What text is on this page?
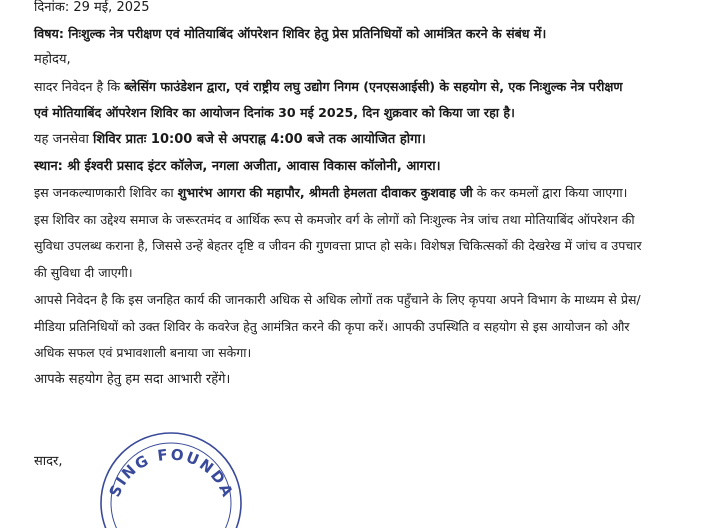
दिनांक: 29 मई, 2025
विषय: निःशुल्क नेत्र परीक्षण एवं मोतियाबिंद ऑपरेशन शिविर हेतु प्रेस प्रतिनिधियों को आमंत्रित करने के संबंध में।
महोदय,
सादर निवेदन है कि ब्लेसिंग फाउंडेशन द्वारा, एवं राष्ट्रीय लघु उद्योग निगम (एनएसआईसी) के सहयोग से, एक निःशुल्क नेत्र परीक्षण
एवं मोतियाबिंद ऑपरेशन शिविर का आयोजन दिनांक 30 मई 2025, दिन शुक्रवार को किया जा रहा है।
यह जनसेवा शिविर प्रातः 10:00 बजे से अपराह्न 4:00 बजे तक आयोजित होगा।
स्थान: श्री ईश्वरी प्रसाद इंटर कॉलेज, नगला अजीता, आवास विकास कॉलोनी, आगरा।
इस जनकल्याणकारी शिविर का शुभारंभ आगरा की महापौर, श्रीमती हेमलता दीवाकर कुशवाह जी के कर कमलों द्वारा किया जाएगा।
इस शिविर का उद्देश्य समाज के जरूरतमंद व आर्थिक रूप से कमजोर वर्ग के लोगों को निःशुल्क नेत्र जांच तथा मोतियाबिंद ऑपरेशन की
सुविधा उपलब्ध कराना है, जिससे उन्हें बेहतर दृष्टि व जीवन की गुणवत्ता प्राप्त हो सके। विशेषज्ञ चिकित्सकों की देखरेख में जांच व उपचार
की सुविधा दी जाएगी।
आपसे निवेदन है कि इस जनहित कार्य की जानकारी अधिक से अधिक लोगों तक पहुँचाने के लिए कृपया अपने विभाग के माध्यम से प्रेस/
मीडिया प्रतिनिधियों को उक्त शिविर के कवरेज हेतु आमंत्रित करने की कृपा करें। आपकी उपस्थिति व सहयोग से इस आयोजन को और
अधिक सफल एवं प्रभावशाली बनाया जा सकेगा।
आपके सहयोग हेतु हम सदा आभारी रहेंगे।
सादर,
SING FOUNDA
